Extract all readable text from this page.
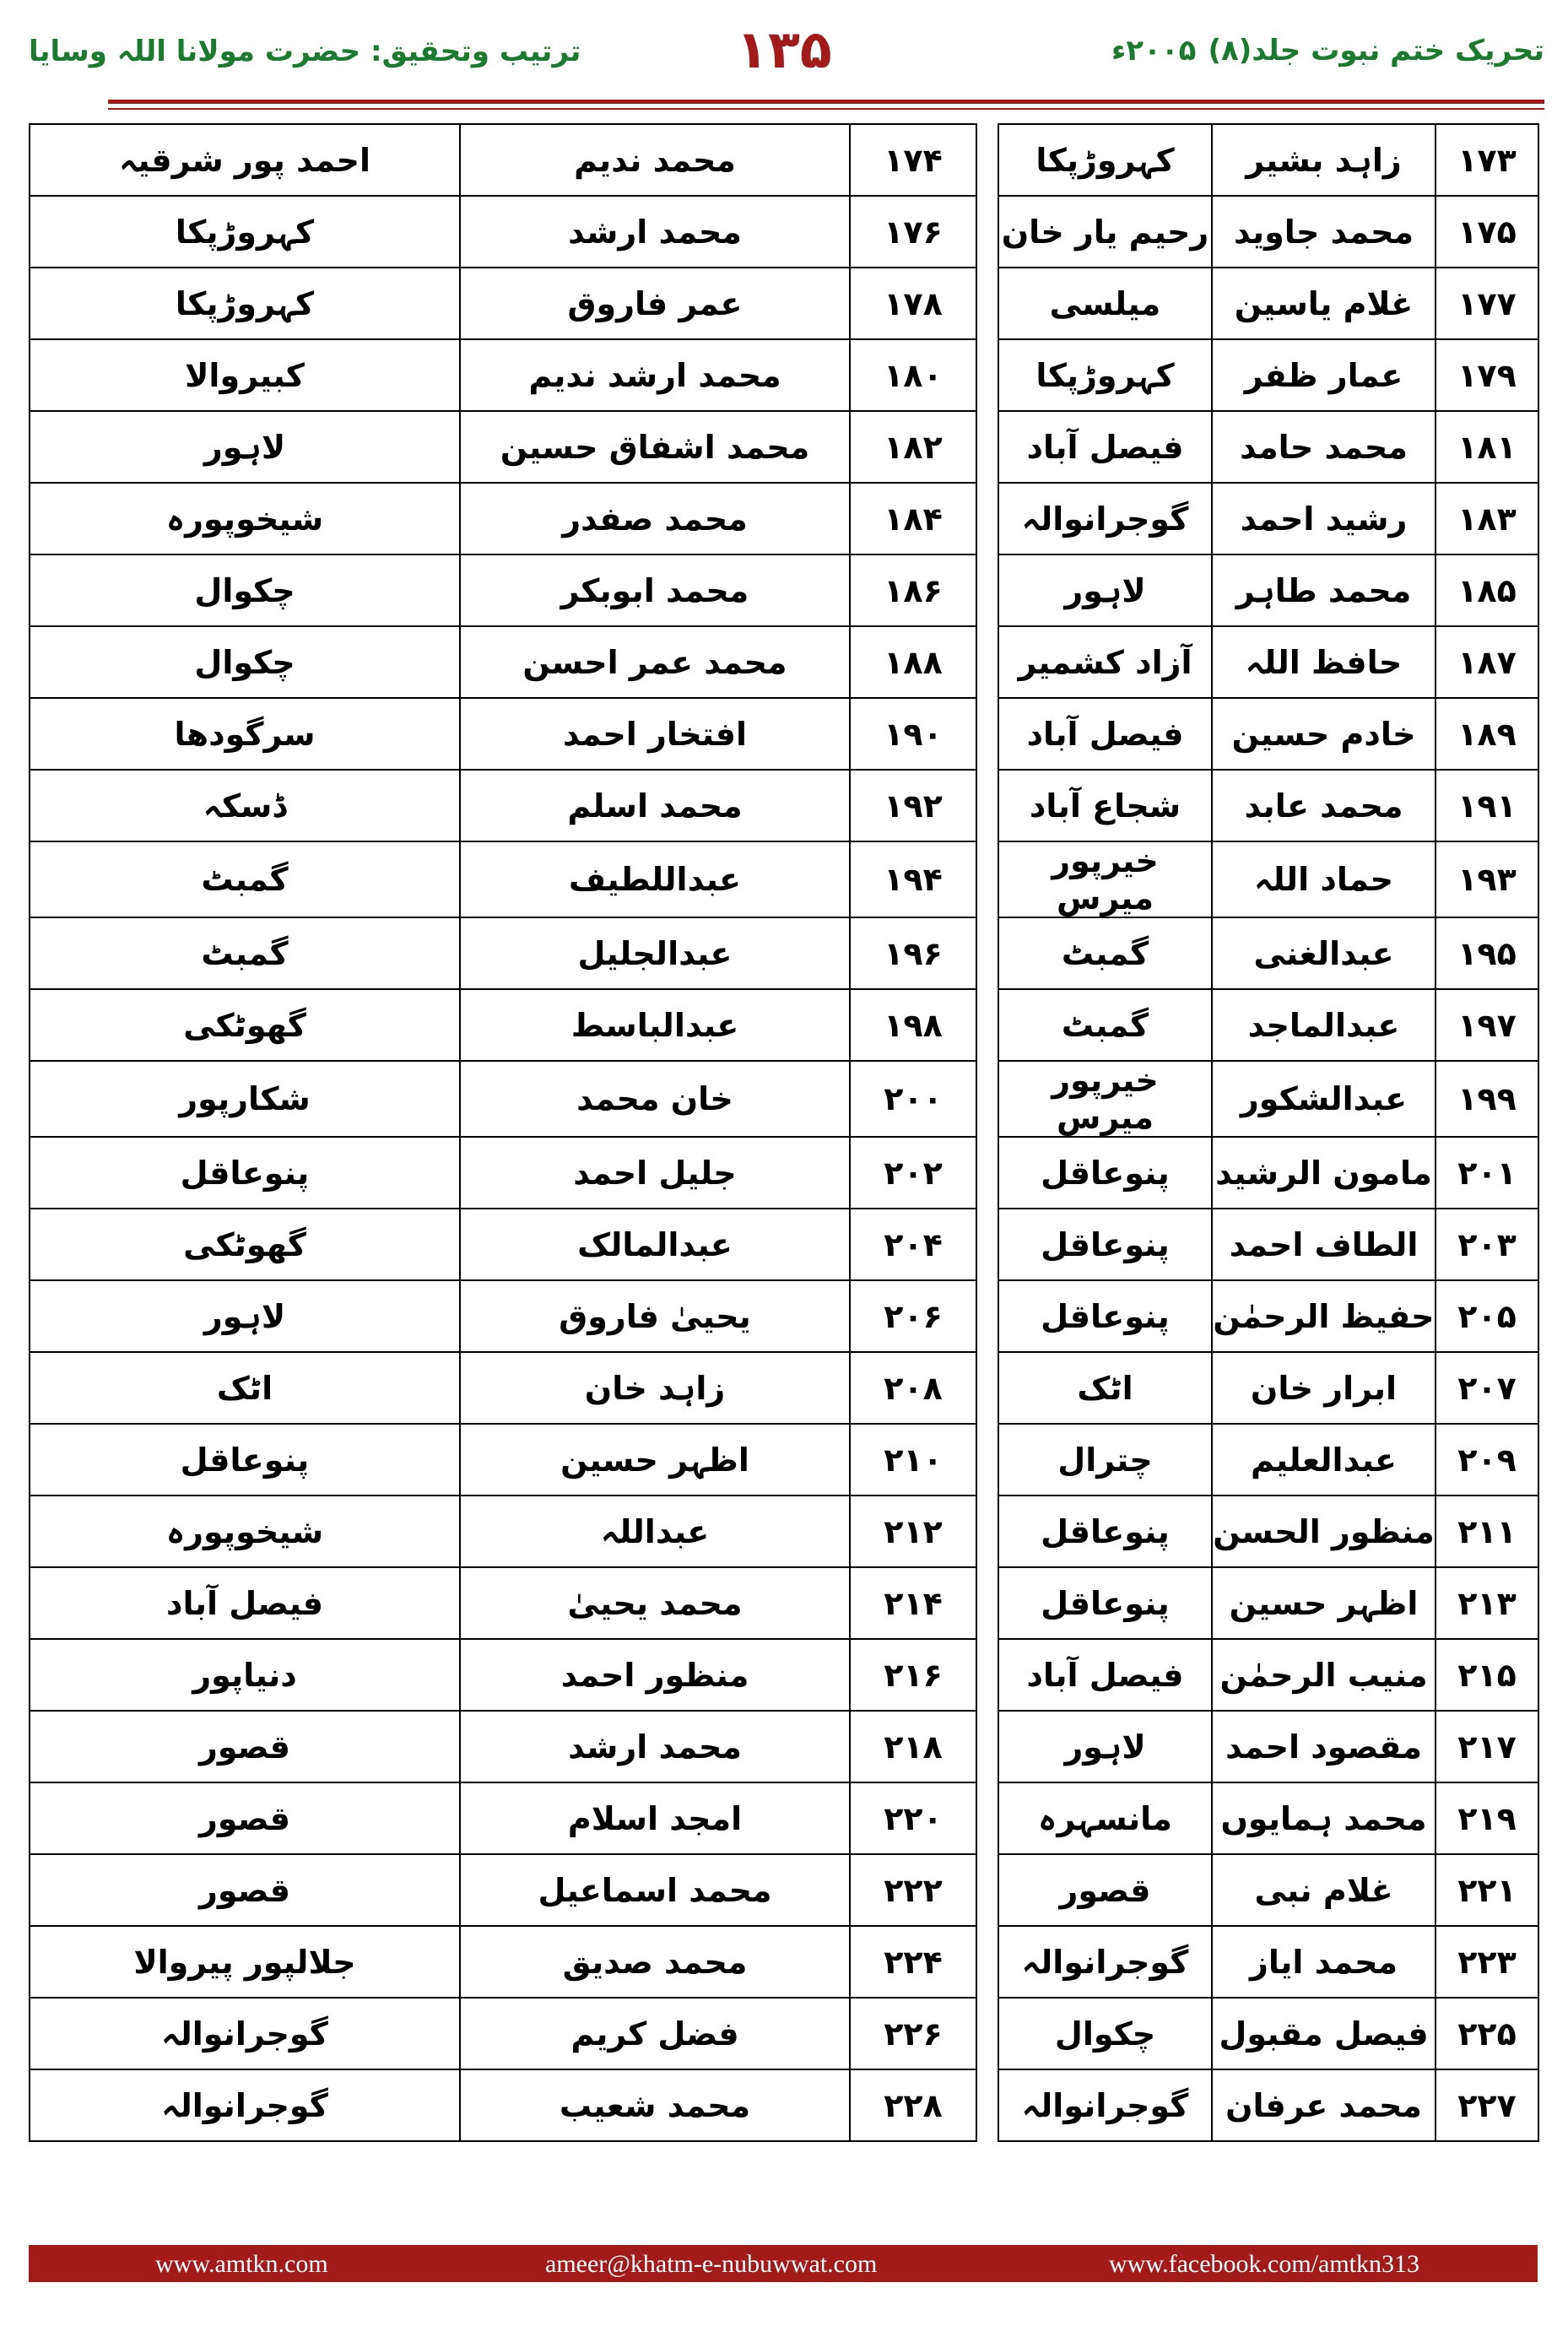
تحریک ختم نبوت جلد(۸)۲۰۰۵ء
۱۳۵
ترتیب وتحقیق: حضرت مولانا اللہ وسایا
۱۷۳	زاہد بشیر	کہروڑپکا		۱۷۴	محمد ندیم	احمد پور شرقیہ
۱۷۵	محمد جاوید	رحیم یار خان		۱۷۶	محمد ارشد	کہروڑپکا
۱۷۷	غلام یاسین	میلسی		۱۷۸	عمر فاروق	کہروڑپکا
۱۷۹	عمار ظفر	کہروڑپکا		۱۸۰	محمد ارشد ندیم	کبیروالا
۱۸۱	محمد حامد	فیصل آباد		۱۸۲	محمد اشفاق حسین	لاہور
۱۸۳	رشید احمد	گوجرانوالہ		۱۸۴	محمد صفدر	شیخوپورہ
۱۸۵	محمد طاہر	لاہور		۱۸۶	محمد ابوبکر	چکوال
۱۸۷	حافظ اللہ	آزاد کشمیر		۱۸۸	محمد عمر احسن	چکوال
۱۸۹	خادم حسین	فیصل آباد		۱۹۰	افتخار احمد	سرگودھا
۱۹۱	محمد عابد	شجاع آباد		۱۹۲	محمد اسلم	ڈسکہ
۱۹۳	حماد اللہ	خیرپور میرس		۱۹۴	عبداللطیف	گمبٹ
۱۹۵	عبدالغنی	گمبٹ		۱۹۶	عبدالجلیل	گمبٹ
۱۹۷	عبدالماجد	گمبٹ		۱۹۸	عبدالباسط	گھوٹکی
۱۹۹	عبدالشکور	خیرپور میرس		۲۰۰	خان محمد	شکارپور
۲۰۱	مامون الرشید	پنوعاقل		۲۰۲	جلیل احمد	پنوعاقل
۲۰۳	الطاف احمد	پنوعاقل		۲۰۴	عبدالمالک	گھوٹکی
۲۰۵	حفیظ الرحمٰن	پنوعاقل		۲۰۶	یحییٰ فاروق	لاہور
۲۰۷	ابرار خان	اٹک		۲۰۸	زاہد خان	اٹک
۲۰۹	عبدالعلیم	چترال		۲۱۰	اظہر حسین	پنوعاقل
۲۱۱	منظور الحسن	پنوعاقل		۲۱۲	عبداللہ	شیخوپورہ
۲۱۳	اظہر حسین	پنوعاقل		۲۱۴	محمد یحییٰ	فیصل آباد
۲۱۵	منیب الرحمٰن	فیصل آباد		۲۱۶	منظور احمد	دنیاپور
۲۱۷	مقصود احمد	لاہور		۲۱۸	محمد ارشد	قصور
۲۱۹	محمد ہمایوں	مانسہرہ		۲۲۰	امجد اسلام	قصور
۲۲۱	غلام نبی	قصور		۲۲۲	محمد اسماعیل	قصور
۲۲۳	محمد ایاز	گوجرانوالہ		۲۲۴	محمد صدیق	جلالپور پیروالا
۲۲۵	فیصل مقبول	چکوال		۲۲۶	فضل کریم	گوجرانوالہ
۲۲۷	محمد عرفان	گوجرانوالہ		۲۲۸	محمد شعیب	گوجرانوالہ
www.amtkn.com	ameer@khatm-e-nubuwwat.com	www.facebook.com/amtkn313
